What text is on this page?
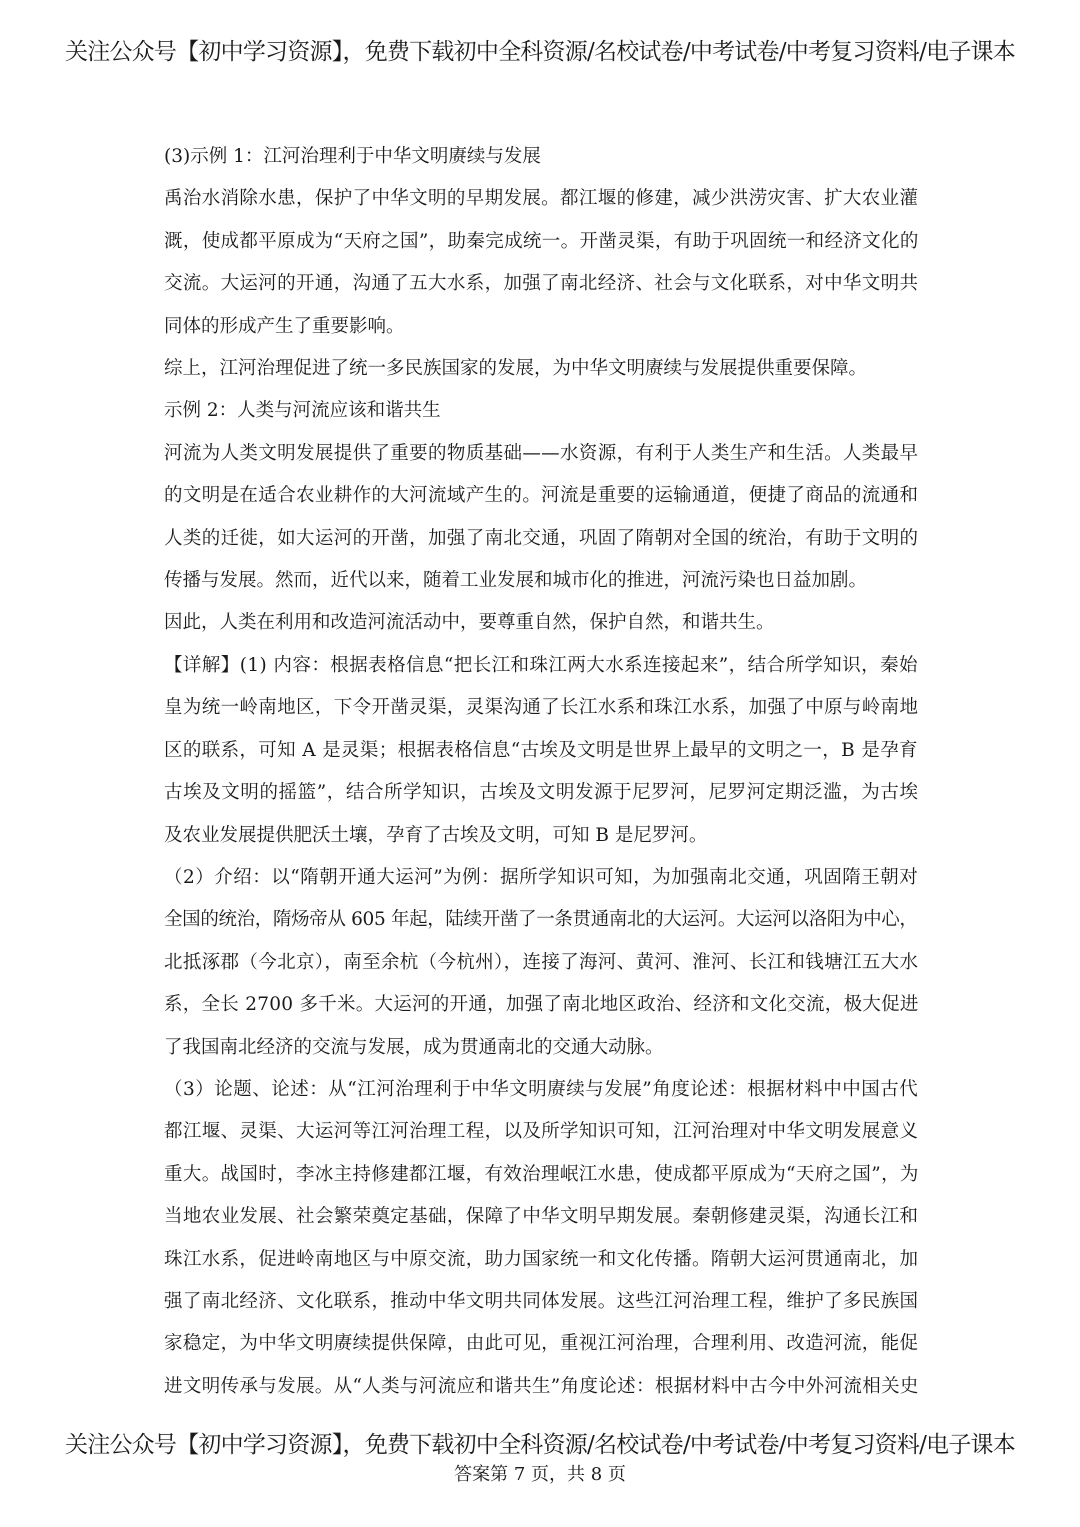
关注公众号【初中学习资源】，免费下载初中全科资源/名校试卷/中考试卷/中考复习资料/电子课本
(3)示例 1：江河治理利于中华文明赓续与发展
禹治水消除水患，保护了中华文明的早期发展。都江堰的修建，减少洪涝灾害、扩大农业灌
溉，使成都平原成为“天府之国”，助秦完成统一。开凿灵渠，有助于巩固统一和经济文化的
交流。大运河的开通，沟通了五大水系，加强了南北经济、社会与文化联系，对中华文明共
同体的形成产生了重要影响。
综上，江河治理促进了统一多民族国家的发展，为中华文明赓续与发展提供重要保障。
示例 2：人类与河流应该和谐共生
河流为人类文明发展提供了重要的物质基础——水资源，有利于人类生产和生活。人类最早
的文明是在适合农业耕作的大河流域产生的。河流是重要的运输通道，便捷了商品的流通和
人类的迁徙，如大运河的开凿，加强了南北交通，巩固了隋朝对全国的统治，有助于文明的
传播与发展。然而，近代以来，随着工业发展和城市化的推进，河流污染也日益加剧。
因此，人类在利用和改造河流活动中，要尊重自然，保护自然，和谐共生。
【详解】(1) 内容：根据表格信息“把长江和珠江两大水系连接起来”，结合所学知识，秦始
皇为统一岭南地区，下令开凿灵渠，灵渠沟通了长江水系和珠江水系，加强了中原与岭南地
区的联系，可知 A 是灵渠；根据表格信息“古埃及文明是世界上最早的文明之一，B 是孕育
古埃及文明的摇篮”，结合所学知识，古埃及文明发源于尼罗河，尼罗河定期泛滥，为古埃
及农业发展提供肥沃土壤，孕育了古埃及文明，可知 B 是尼罗河。
（2）介绍：以“隋朝开通大运河”为例：据所学知识可知，为加强南北交通，巩固隋王朝对
全国的统治，隋炀帝从 605 年起，陆续开凿了一条贯通南北的大运河。大运河以洛阳为中心，
北抵涿郡（今北京），南至余杭（今杭州），连接了海河、黄河、淮河、长江和钱塘江五大水
系，全长 2700 多千米。大运河的开通，加强了南北地区政治、经济和文化交流，极大促进
了我国南北经济的交流与发展，成为贯通南北的交通大动脉。
（3）论题、论述：从“江河治理利于中华文明赓续与发展”角度论述：根据材料中中国古代
都江堰、灵渠、大运河等江河治理工程，以及所学知识可知，江河治理对中华文明发展意义
重大。战国时，李冰主持修建都江堰，有效治理岷江水患，使成都平原成为“天府之国”，为
当地农业发展、社会繁荣奠定基础，保障了中华文明早期发展。秦朝修建灵渠，沟通长江和
珠江水系，促进岭南地区与中原交流，助力国家统一和文化传播。隋朝大运河贯通南北，加
强了南北经济、文化联系，推动中华文明共同体发展。这些江河治理工程，维护了多民族国
家稳定，为中华文明赓续提供保障，由此可见，重视江河治理，合理利用、改造河流，能促
进文明传承与发展。从“人类与河流应和谐共生”角度论述：根据材料中古今中外河流相关史
关注公众号【初中学习资源】，免费下载初中全科资源/名校试卷/中考试卷/中考复习资料/电子课本
答案第 7 页，共 8 页
